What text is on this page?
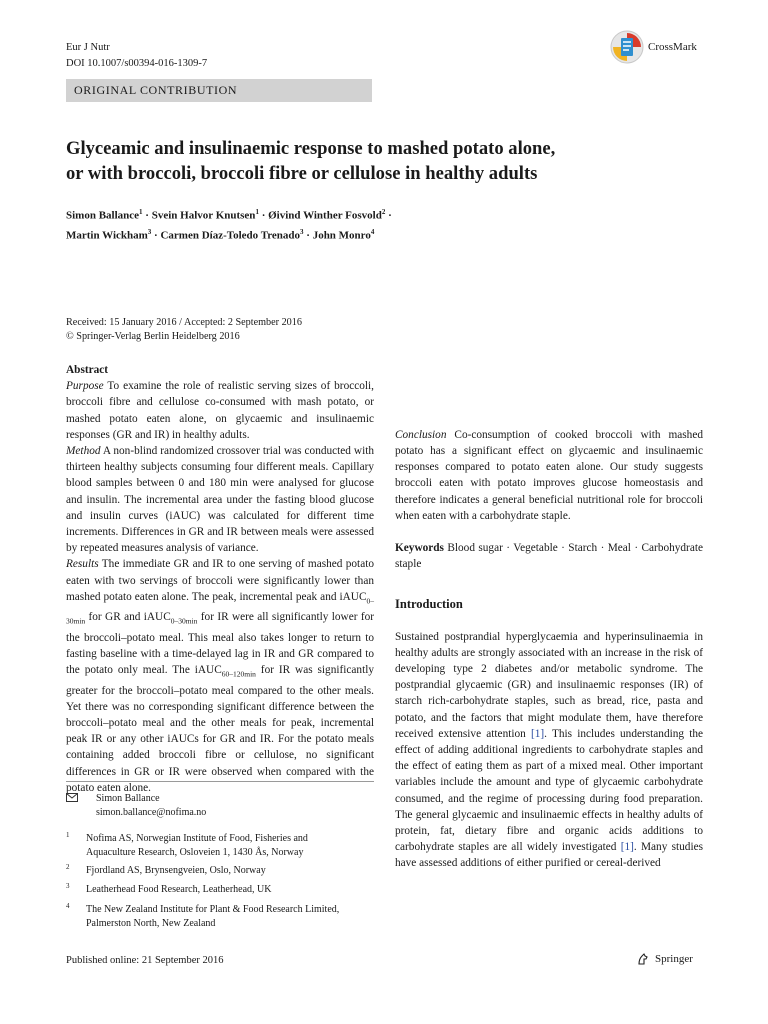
Eur J Nutr
DOI 10.1007/s00394-016-1309-7
CrossMark
ORIGINAL CONTRIBUTION
Glyceamic and insulinaemic response to mashed potato alone,
or with broccoli, broccoli fibre or cellulose in healthy adults
Simon Ballance$^1$ · Svein Halvor Knutsen$^1$ · Øivind Winther Fosvold$^2$ ·
Martin Wickham$^3$ · Carmen Díaz-Toledo Trenado$^3$ · John Monro$^4$
Received: 15 January 2016 / Accepted: 2 September 2016
© Springer-Verlag Berlin Heidelberg 2016

Abstract

Purpose To examine the role of realistic serving sizes of broccoli, broccoli fibre and cellulose co-consumed with mash potato, or mashed potato eaten alone, on glycaemic and insulinaemic responses (GR and IR) in healthy adults.

Method A non-blind randomized crossover trial was conducted with thirteen healthy subjects consuming four different meals. Capillary blood samples between 0 and 180 min were analysed for glucose and insulin. The incremental area under the fasting blood glucose and insulin curves (iAUC) was calculated for different time increments. Differences in GR and IR between meals were assessed by repeated measures analysis of variance.

Results The immediate GR and IR to one serving of mashed potato eaten with two servings of broccoli were significantly lower than mashed potato eaten alone. The peak, incremental peak and iAUC$_{0-30min}$ for GR and iAUC$_{0-30min}$ for IR were all significantly lower for the broccoli–potato meal. This meal also takes longer to return to fasting baseline with a time-delayed lag in IR and GR compared to the potato only meal. The iAUC$_{60-120min}$ for IR was significantly greater for the broccoli–potato meal compared to the other meals. Yet there was no corresponding significant difference between the broccoli–potato meal and the other meals for peak, incremental peak IR or any other iAUCs for GR and IR. For the potato meals containing added broccoli fibre or cellulose, no significant differences in GR or IR were observed when compared with the potato eaten alone.

Conclusion Co-consumption of cooked broccoli with mashed potato has a significant effect on glycaemic and insulinaemic responses compared to potato eaten alone. Our study suggests broccoli eaten with potato improves glucose homeostasis and therefore indicates a general beneficial nutritional role for broccoli when eaten with a carbohydrate staple.

Keywords Blood sugar · Vegetable · Starch · Meal · Carbohydrate staple

Introduction

Sustained postprandial hyperglycaemia and hyperinsulinaemia in healthy adults are strongly associated with an increase in the risk of developing type 2 diabetes and/or metabolic syndrome. The postprandial glycaemic (GR) and insulinaemic responses (IR) of starch rich-carbohydrate staples, such as bread, rice, pasta and potato, and the factors that might modulate them, have therefore received extensive attention [1]. This includes understanding the effect of adding additional ingredients to carbohydrate staples and the effect of eating them as part of a mixed meal. Other important variables include the amount and type of glycaemic carbohydrate consumed, and the regime of processing during food preparation. The general glycaemic and insulinaemic effects in healthy adults of protein, fat, dietary fibre and organic acids additions to carbohydrate staples are all widely investigated [1]. Many studies have assessed additions of either purified or cereal-derived

Simon Ballance
simon.ballance@nofima.no
1 Nofima AS, Norwegian Institute of Food, Fisheries and Aquaculture Research, Osloveien 1, 1430 Ås, Norway
2 Fjordland AS, Brynsengveien, Oslo, Norway
3 Leatherhead Food Research, Leatherhead, UK
4 The New Zealand Institute for Plant & Food Research Limited, Palmerston North, New Zealand
Published online: 21 September 2016	Springer
